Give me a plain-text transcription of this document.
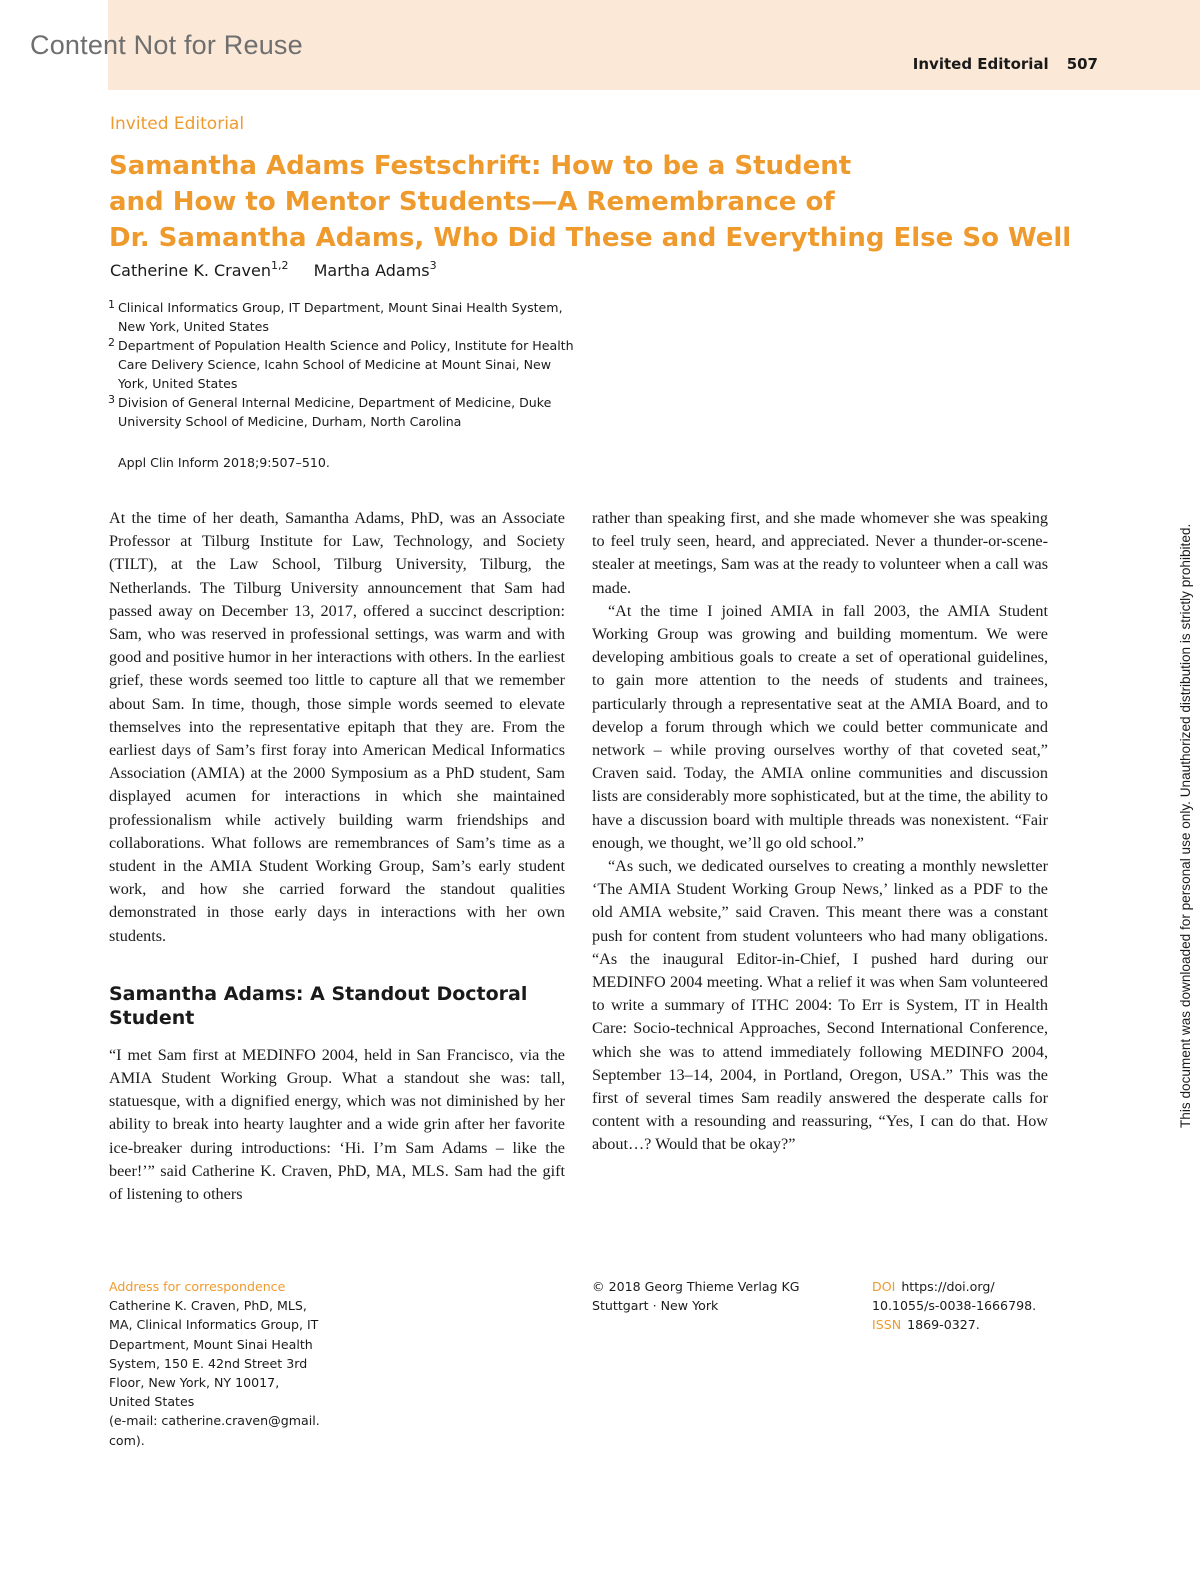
Content Not for Reuse
Invited Editorial 507
This document was downloaded for personal use only. Unauthorized distribution is strictly prohibited.
Invited Editorial
Samantha Adams Festschrift: How to be a Student
and How to Mentor Students—A Remembrance of
Dr. Samantha Adams, Who Did These and Everything Else So Well
Catherine K. Craven$^{1,2}$ Martha Adams$^3$
1 Clinical Informatics Group, IT Department, Mount Sinai Health System, New York, United States
2 Department of Population Health Science and Policy, Institute for Health Care Delivery Science, Icahn School of Medicine at Mount Sinai, New York, United States
3 Division of General Internal Medicine, Department of Medicine, Duke University School of Medicine, Durham, North Carolina
Appl Clin Inform 2018;9:507–510.

At the time of her death, Samantha Adams, PhD, was an Associate Professor at Tilburg Institute for Law, Technology, and Society (TILT), at the Law School, Tilburg University, Tilburg, the Netherlands. The Tilburg University announcement that Sam had passed away on December 13, 2017, offered a succinct description: Sam, who was reserved in professional settings, was warm and with good and positive humor in her interactions with others. In the earliest grief, these words seemed too little to capture all that we remember about Sam. In time, though, those simple words seemed to elevate themselves into the representative epitaph that they are. From the earliest days of Sam’s first foray into American Medical Informatics Association (AMIA) at the 2000 Symposium as a PhD student, Sam displayed acumen for interactions in which she maintained professionalism while actively building warm friendships and collaborations. What follows are remembrances of Sam’s time as a student in the AMIA Student Working Group, Sam’s early student work, and how she carried forward the standout qualities demonstrated in those early days in interactions with her own students.

Samantha Adams: A Standout Doctoral Student

“I met Sam first at MEDINFO 2004, held in San Francisco, via the AMIA Student Working Group. What a standout she was: tall, statuesque, with a dignified energy, which was not diminished by her ability to break into hearty laughter and a wide grin after her favorite ice-breaker during introductions: ‘Hi. I’m Sam Adams – like the beer!’” said Catherine K. Craven, PhD, MA, MLS. Sam had the gift of listening to others

rather than speaking first, and she made whomever she was speaking to feel truly seen, heard, and appreciated. Never a thunder-or-scene-stealer at meetings, Sam was at the ready to volunteer when a call was made.

“At the time I joined AMIA in fall 2003, the AMIA Student Working Group was growing and building momentum. We were developing ambitious goals to create a set of operational guidelines, to gain more attention to the needs of students and trainees, particularly through a representative seat at the AMIA Board, and to develop a forum through which we could better communicate and network – while proving ourselves worthy of that coveted seat,” Craven said. Today, the AMIA online communities and discussion lists are considerably more sophisticated, but at the time, the ability to have a discussion board with multiple threads was nonexistent. “Fair enough, we thought, we’ll go old school.”

“As such, we dedicated ourselves to creating a monthly newsletter ‘The AMIA Student Working Group News,’ linked as a PDF to the old AMIA website,” said Craven. This meant there was a constant push for content from student volunteers who had many obligations. “As the inaugural Editor-in-Chief, I pushed hard during our MEDINFO 2004 meeting. What a relief it was when Sam volunteered to write a summary of ITHC 2004: To Err is System, IT in Health Care: Socio-technical Approaches, Second International Conference, which she was to attend immediately following MEDINFO 2004, September 13–14, 2004, in Portland, Oregon, USA.” This was the first of several times Sam readily answered the desperate calls for content with a resounding and reassuring, “Yes, I can do that. How about…? Would that be okay?”

Address for correspondence
Catherine K. Craven, PhD, MLS,
MA, Clinical Informatics Group, IT
Department, Mount Sinai Health
System, 150 E. 42nd Street 3rd
Floor, New York, NY 10017,
United States
(e-mail: catherine.craven@gmail.
com).
© 2018 Georg Thieme Verlag KG
Stuttgart · New York
DOI https://doi.org/
10.1055/s-0038-1666798.
ISSN 1869-0327.
